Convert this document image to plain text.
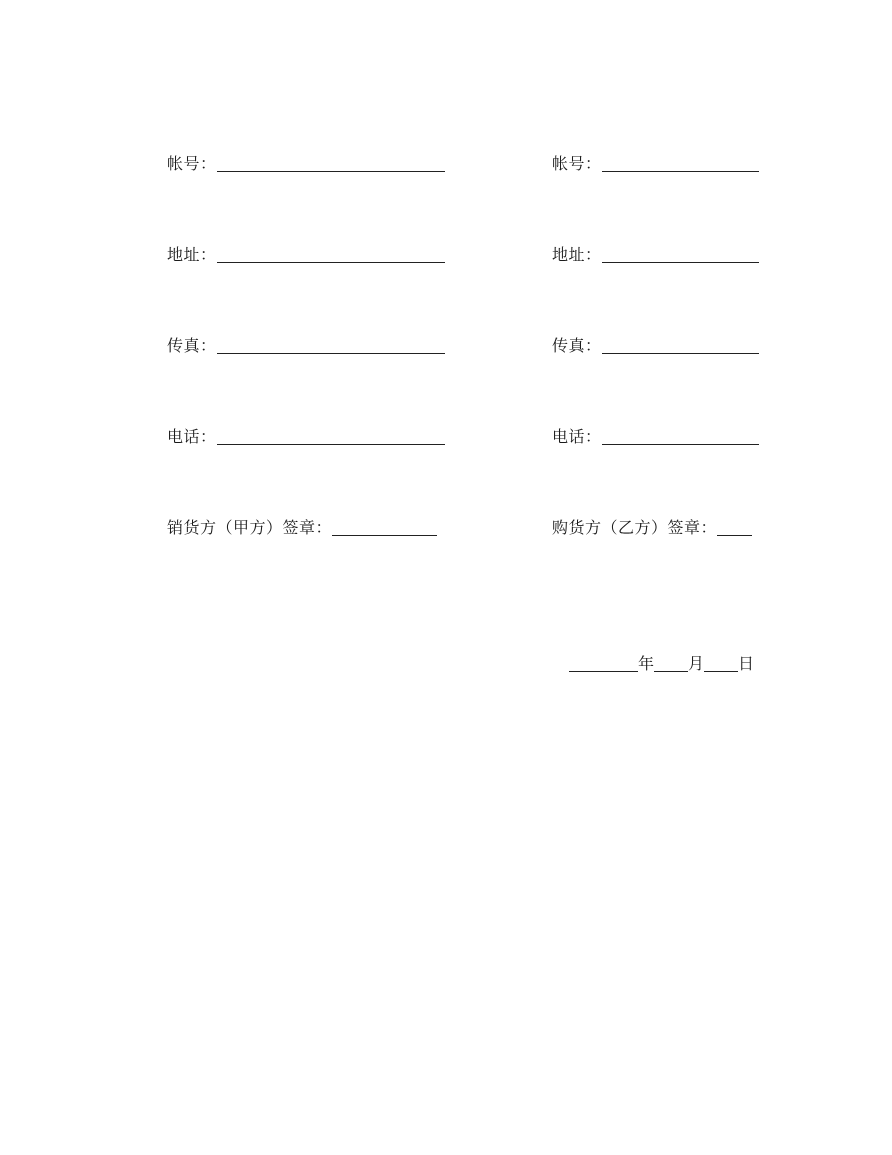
帐号：
地址：
传真：
电话：
销货方（甲方）签章：
帐号：
地址：
传真：
电话：
购货方（乙方）签章：
年 月 日
